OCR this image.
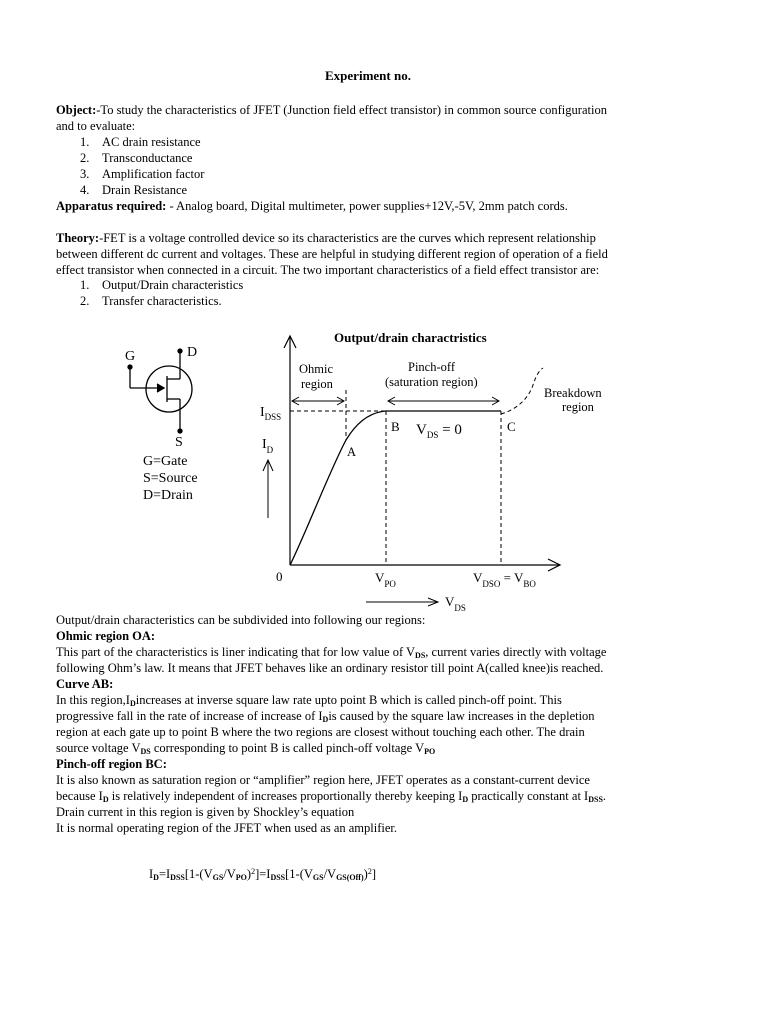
Experiment no.
Object:-To study the characteristics of JFET (Junction field effect transistor) in common source configuration
and to evaluate:
1. AC drain resistance
2. Transconductance
3. Amplification factor
4. Drain Resistance
Apparatus required: - Analog board, Digital multimeter, power supplies+12V,-5V, 2mm patch cords.
Theory:-FET is a voltage controlled device so its characteristics are the curves which represent relationship
between different dc current and voltages. These are helpful in studying different region of operation of a field
effect transistor when connected in a circuit. The two important characteristics of a field effect transistor are:
1. Output/Drain characteristics
2. Transfer characteristics.
G	D
S
G=Gate
S=Source
D=Drain
Output/drain charactristics
Ohmic
region
Pinch-off
(saturation region)
Breakdown
region
$I_{DSS}$
$I_D$	A
B	C
$V_{DS} = 0$
0	$V_{PO}$	$V_{DSO} = V_{BO}$
$V_{DS}$
Output/drain characteristics can be subdivided into following our regions:
Ohmic region OA:
This part of the characteristics is liner indicating that for low value of $V_{DS}$, current varies directly with voltage
following Ohm’s law. It means that JFET behaves like an ordinary resistor till point A(called knee)is reached.
Curve AB:
In this $region,I_Dincreases$ at inverse square law rate upto point B which is called pinch-off point. This
progressive fall in the rate of increase of increase of $I_Dis$ caused by the square law increases in the depletion
region at each gate up to point B where the two regions are closest without touching each other. The drain
source voltage $V_{DS}$ corresponding to point B is called pinch-off voltage $V_{PO}$
Pinch-off region BC:
It is also known as saturation region or “amplifier” region here, JFET operates as a constant-current device
because $I_D$ is relatively independent of increases proportionally thereby keeping $I_D$ practically constant at $I_{DSS}$.
Drain current in this region is given by Shockley’s equation
It is normal operating region of the JFET when used as an amplifier.
$I_D=I_{DSS}[1-(V_{GS}/V_{PO})^2]=I_{DSS}[1-(V_{GS}/V_{GS(Off)})^2]$
